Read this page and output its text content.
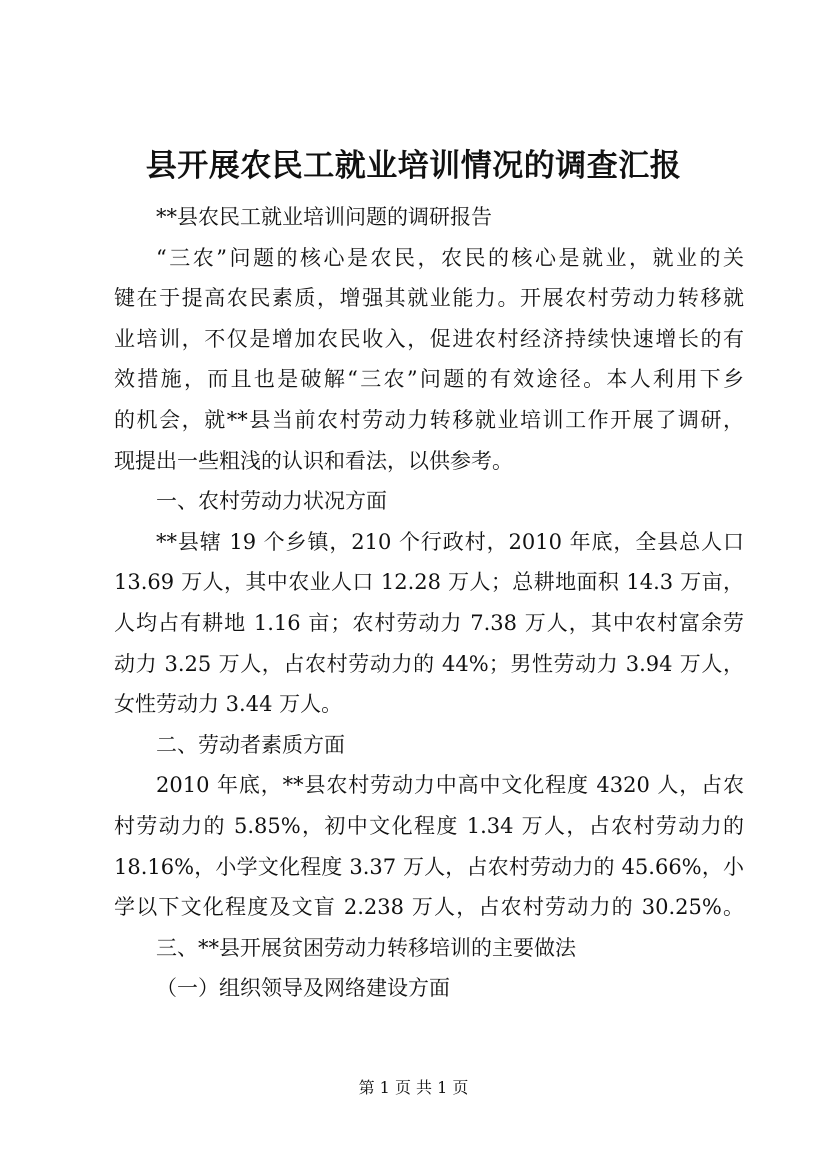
县开展农民工就业培训情况的调查汇报
**县农民工就业培训问题的调研报告
“三农”问题的核心是农民，农民的核心是就业，就业的关
键在于提高农民素质，增强其就业能力。开展农村劳动力转移就
业培训，不仅是增加农民收入，促进农村经济持续快速增长的有
效措施，而且也是破解“三农”问题的有效途径。本人利用下乡
的机会，就**县当前农村劳动力转移就业培训工作开展了调研，
现提出一些粗浅的认识和看法，以供参考。
一、农村劳动力状况方面
**县辖 19 个乡镇，210 个行政村，2010 年底，全县总人口
13.69 万人，其中农业人口 12.28 万人；总耕地面积 14.3 万亩，
人均占有耕地 1.16 亩；农村劳动力 7.38 万人，其中农村富余劳
动力 3.25 万人，占农村劳动力的 44%；男性劳动力 3.94 万人，
女性劳动力 3.44 万人。
二、劳动者素质方面
2010 年底，**县农村劳动力中高中文化程度 4320 人，占农
村劳动力的 5.85%，初中文化程度 1.34 万人，占农村劳动力的
18.16%，小学文化程度 3.37 万人，占农村劳动力的 45.66%，小
学以下文化程度及文盲 2.238 万人，占农村劳动力的 30.25%。
三、**县开展贫困劳动力转移培训的主要做法
（一）组织领导及网络建设方面
第 1 页 共 1 页
